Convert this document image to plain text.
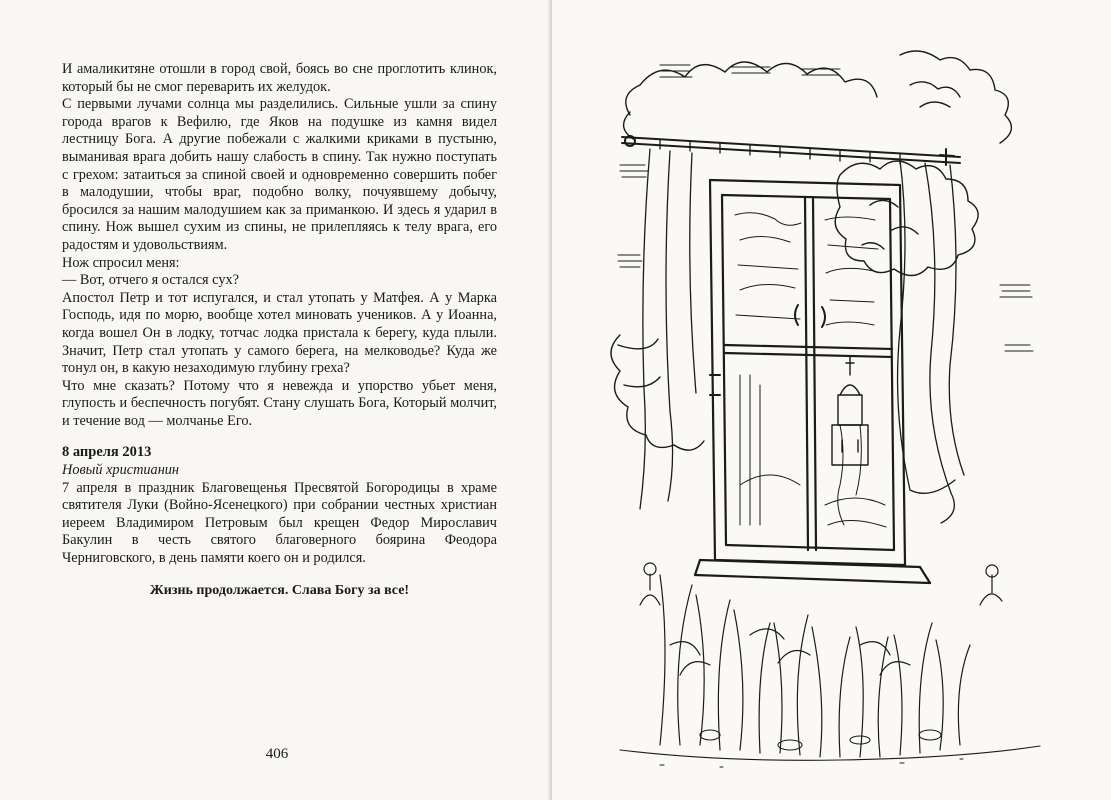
И амаликитяне отошли в город свой, боясь во сне проглотить клинок, который бы не смог переварить их желудок.

С первыми лучами солнца мы разделились. Сильные ушли за спину города врагов к Вефилю, где Яков на подушке из камня видел лестницу Бога. А другие побежали с жалкими криками в пустыню, выманивая врага добить нашу слабость в спину. Так нужно поступать с грехом: затаиться за спиной своей и одновременно совершить побег в малодушии, чтобы враг, подобно волку, почуявшему добычу, бросился за нашим малодушием как за приманкою. И здесь я ударил в спину. Нож вышел сухим из спины, не прилепляясь к телу врага, его радостям и удовольствиям.

Нож спросил меня:

— Вот, отчего я остался сух?

Апостол Петр и тот испугался, и стал утопать у Матфея. А у Марка Господь, идя по морю, вообще хотел миновать учеников. А у Иоанна, когда вошел Он в лодку, тотчас лодка пристала к берегу, куда плыли. Значит, Петр стал утопать у самого берега, на мелководье? Куда же тонул он, в какую незаходимую глубину греха?

Что мне сказать? Потому что я невежда и упорство убьет меня, глупость и беспечность погубят. Стану слушать Бога, Который молчит, и течение вод — молчанье Его.

8 апреля 2013

Новый христианин

7 апреля в праздник Благовещенья Пресвятой Богородицы в храме святителя Луки (Войно-Ясенецкого) при собрании честных христиан иереем Владимиром Петровым был крещен Федор Мирославич Бакулин в честь святого благоверного боярина Феодора Черниговского, в день памяти коего он и родился.

Жизнь продолжается. Слава Богу за все!

406
